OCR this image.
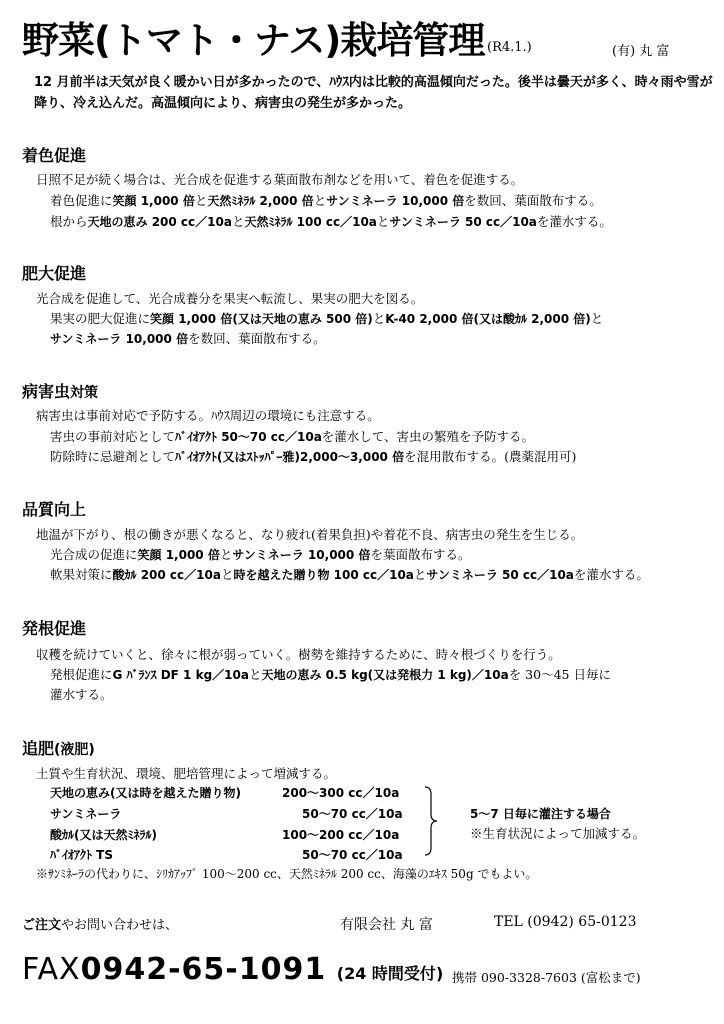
野菜(トマト・ナス)栽培管理 (R4.1.)	(有) 丸 富
12 月前半は天気が良く暖かい日が多かったので、ﾊｳｽ内は比較的高温傾向だった。後半は曇天が多く、時々雨や雪が降り、冷え込んだ。高温傾向により、病害虫の発生が多かった。
着色促進
日照不足が続く場合は、光合成を促進する葉面散布剤などを用いて、着色を促進する。
着色促進に笑顔 1,000 倍と天然ﾐﾈﾗﾙ 2,000 倍とサンミネーラ 10,000 倍を数回、葉面散布する。
根から天地の恵み 200 cc／10aと天然ﾐﾈﾗﾙ 100 cc／10aとサンミネーラ 50 cc／10aを灌水する。
肥大促進
光合成を促進して、光合成養分を果実へ転流し、果実の肥大を図る。
果実の肥大促進に笑顔 1,000 倍(又は天地の恵み 500 倍)とK-40 2,000 倍(又は酸ｶﾙ 2,000 倍)と
サンミネーラ 10,000 倍を数回、葉面散布する。
病害虫対策
病害虫は事前対応で予防する。ﾊｳｽ周辺の環境にも注意する。
害虫の事前対応としてﾊﾞｲｵｱｸﾄ 50～70 cc／10aを灌水して、害虫の繁殖を予防する。
防除時に忌避剤としてﾊﾞｲｵｱｸﾄ(又はｽﾄｯﾊﾟｰ雅)2,000～3,000 倍を混用散布する。(農薬混用可)
品質向上
地温が下がり、根の働きが悪くなると、なり疲れ(着果負担)や着花不良、病害虫の発生を生じる。
光合成の促進に笑顔 1,000 倍とサンミネーラ 10,000 倍を葉面散布する。
軟果対策に酸ｶﾙ 200 cc／10aと時を越えた贈り物 100 cc／10aとサンミネーラ 50 cc／10aを灌水する。
発根促進
収穫を続けていくと、徐々に根が弱っていく。樹勢を維持するために、時々根づくりを行う。
発根促進にG ﾊﾞﾗﾝｽ DF 1 kg／10aと天地の恵み 0.5 kg(又は発根力 1 kg)／10aを 30～45 日毎に
灌水する。
追肥(液肥)
土質や生育状況、環境、肥培管理によって増減する。
天地の恵み(又は時を越えた贈り物)	200～300 cc／10a
サンミネーラ	50～70 cc／10a
酸ｶﾙ(又は天然ﾐﾈﾗﾙ)	100～200 cc／10a
ﾊﾞｲｵｱｸﾄ TS	50～70 cc／10a
5～7 日毎に灌注する場合
※生育状況によって加減する。
※ｻﾝﾐﾈｰﾗの代わりに、ｼﾘｶｱｯﾌﾟ 100～200 cc、天然ﾐﾈﾗﾙ 200 cc、海藻のｴｷｽ 50g でもよい。
ご注文やお問い合わせは、	有限会社 丸 富	TEL (0942) 65-0123
FAX0942-65-1091 (24 時間受付) 携帯 090-3328-7603 (富松まで)
